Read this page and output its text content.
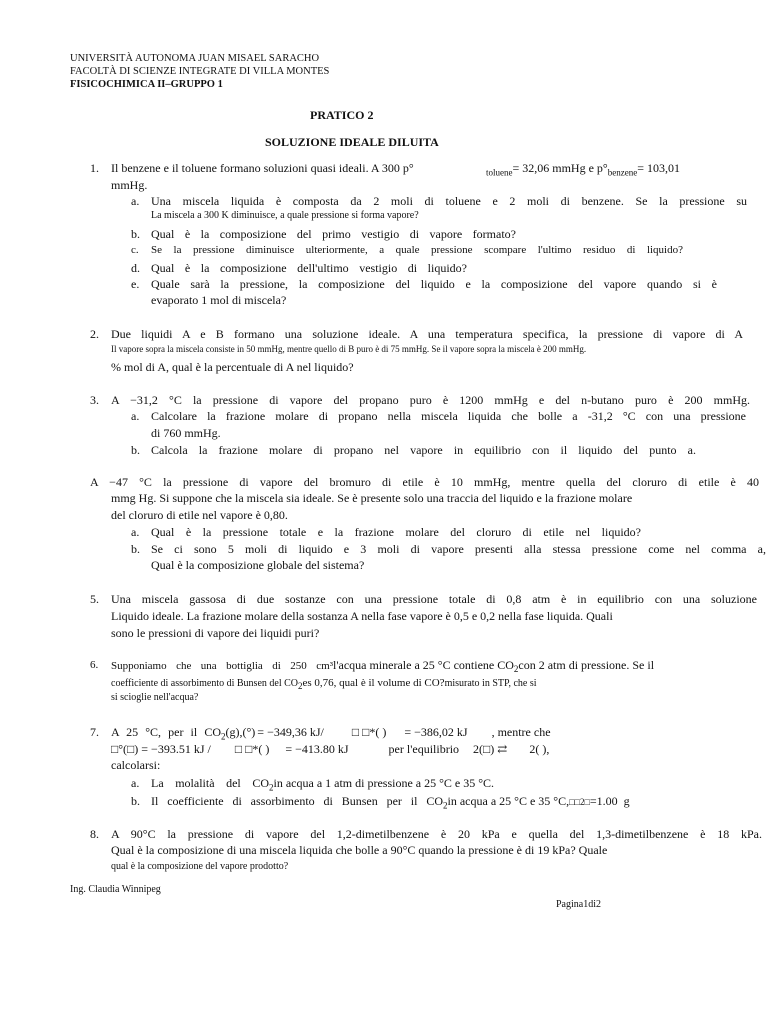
UNIVERSITÀ AUTONOMA JUAN MISAEL SARACHO
FACOLTÀ DI SCIENZE INTEGRATE DI VILLA MONTES
FISICOCHIMICA II–GRUPPO 1
PRATICO 2
SOLUZIONE IDEALE DILUITA
1. Il benzene e il toluene formano soluzioni quasi ideali. A 300 p°	$_{toluene}$= 32,06 mmHg e $p^\circ_{benzene}= 103,01$
mmHg.
a. Una miscela liquida è composta da 2 moli di toluene e 2 moli di benzene. Se la pressione su
La miscela a 300 K diminuisce, a quale pressione si forma vapore?
b. Qual è la composizione del primo vestigio di vapore formato?
c. Se la pressione diminuisce ulteriormente, a quale pressione scompare l'ultimo residuo di liquido?
d. Qual è la composizione dell'ultimo vestigio di liquido?
e. Quale sarà la pressione, la composizione del liquido e la composizione del vapore quando si è
evaporato 1 mol di miscela?
2. Due liquidi A e B formano una soluzione ideale. A una temperatura specifica, la pressione di vapore di A
Il vapore sopra la miscela consiste in 50 mmHg, mentre quello di B puro è di 75 mmHg. Se il vapore sopra la miscela è 200 mmHg.
% mol di A, qual è la percentuale di A nel liquido?
3. A −31,2 °C la pressione di vapore del propano puro è 1200 mmHg e del n-butano puro è 200 mmHg.
a. Calcolare la frazione molare di propano nella miscela liquida che bolle a -31,2 °C con una pressione
di 760 mmHg.
b. Calcola la frazione molare di propano nel vapore in equilibrio con il liquido del punto a.
A −47 °C la pressione di vapore del bromuro di etile è 10 mmHg, mentre quella del cloruro di etile è 40
mmg Hg. Si suppone che la miscela sia ideale. Se è presente solo una traccia del liquido e la frazione molare
del cloruro di etile nel vapore è 0,80.
a. Qual è la pressione totale e la frazione molare del cloruro di etile nel liquido?
b. Se ci sono 5 moli di liquido e 3 moli di vapore presenti alla stessa pressione come nel comma a,
Qual è la composizione globale del sistema?
5. Una miscela gassosa di due sostanze con una pressione totale di 0,8 atm è in equilibrio con una soluzione
Liquido ideale. La frazione molare della sostanza A nella fase vapore è 0,5 e 0,2 nella fase liquida. Quali
sono le pressioni di vapore dei liquidi puri?
6. Supponiamo che una bottiglia di 250 cm³l'acqua minerale a 25 °C contiene $CO_2con$ 2 atm di pressione. Se il
coefficiente di assorbimento di Bunsen del $CO_2es$ 0,76, qual è il volume di CO?misurato in STP, che si
si scioglie nell'acqua?
7. A 25 °C, per il $CO_2(g),(^\circ) = -349,36$ kJ/ □ □*( ) = −386,02 kJ , mentre che
□°(□) = −393.51 kJ / □ □*( ) = −413.80 kJ	per l'equilibrio 2(□) ⇄ 2( ),
calcolarsi:
a. La molalità del $CO_2in$ acqua a 1 atm di pressione a 25 °C e 35 °C.
b. Il coefficiente di assorbimento di Bunsen per il $CO_2in$ acqua a 25 °C e 35 °C,□□2□=1.00 g
8. A 90°C la pressione di vapore del 1,2-dimetilbenzene è 20 kPa e quella del 1,3-dimetilbenzene è 18 kPa.
Qual è la composizione di una miscela liquida che bolle a 90°C quando la pressione è di 19 kPa? Quale
qual è la composizione del vapore prodotto?
Ing. Claudia Winnipeg
Pagina1di2
